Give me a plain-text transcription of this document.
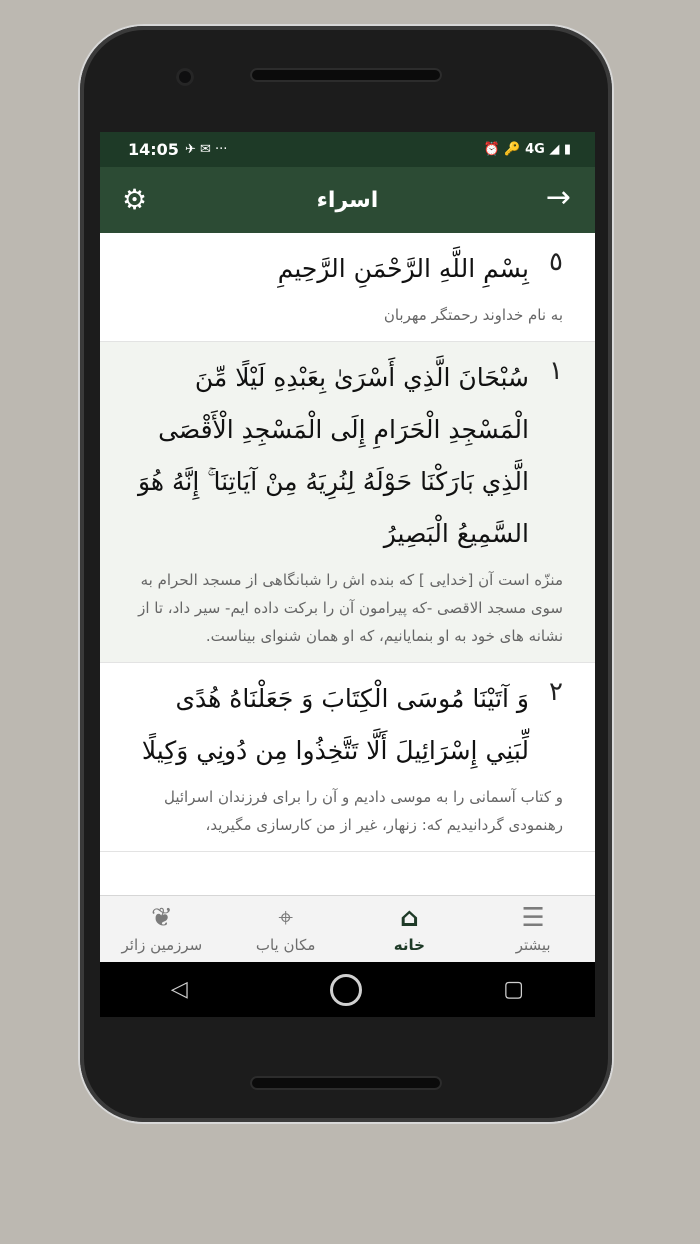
14:05 ✈ ✉ ···	⏰ 🔑 4G ◢ ▮
⚙	اسراء	→
٥
بِسْمِ اللَّهِ الرَّحْمَنِ الرَّحِيمِ
به نام خداوند رحمتگر مهربان
١
سُبْحَانَ الَّذِي أَسْرَىٰ بِعَبْدِهِ لَيْلًا مِّنَ الْمَسْجِدِ الْحَرَامِ إِلَى الْمَسْجِدِ الْأَقْصَى الَّذِي بَارَكْنَا حَوْلَهُ لِنُرِيَهُ مِنْ آيَاتِنَا ۚ إِنَّهُ هُوَ السَّمِيعُ الْبَصِيرُ
منزّه است آن [خدایی ] که بنده اش را شبانگاهی از مسجد الحرام به سوی مسجد الاقصی -که پیرامون آن را برکت داده ایم- سیر داد، تا از نشانه های خود به او بنمایانیم، که او همان شنوای بیناست.
٢
وَ آتَيْنَا مُوسَى الْكِتَابَ وَ جَعَلْنَاهُ هُدًى لِّبَنِي إِسْرَائِيلَ أَلَّا تَتَّخِذُوا مِن دُونِي وَكِيلًا
و کتاب آسمانی را به موسی دادیم و آن را برای فرزندان اسرائیل رهنمودی گردانیدیم که: زنهار، غیر از من کارسازی مگیرید،
☰
بیشتر
⌂
خانه
⌖
مکان یاب
❦
سرزمین زائر
◁	▢
